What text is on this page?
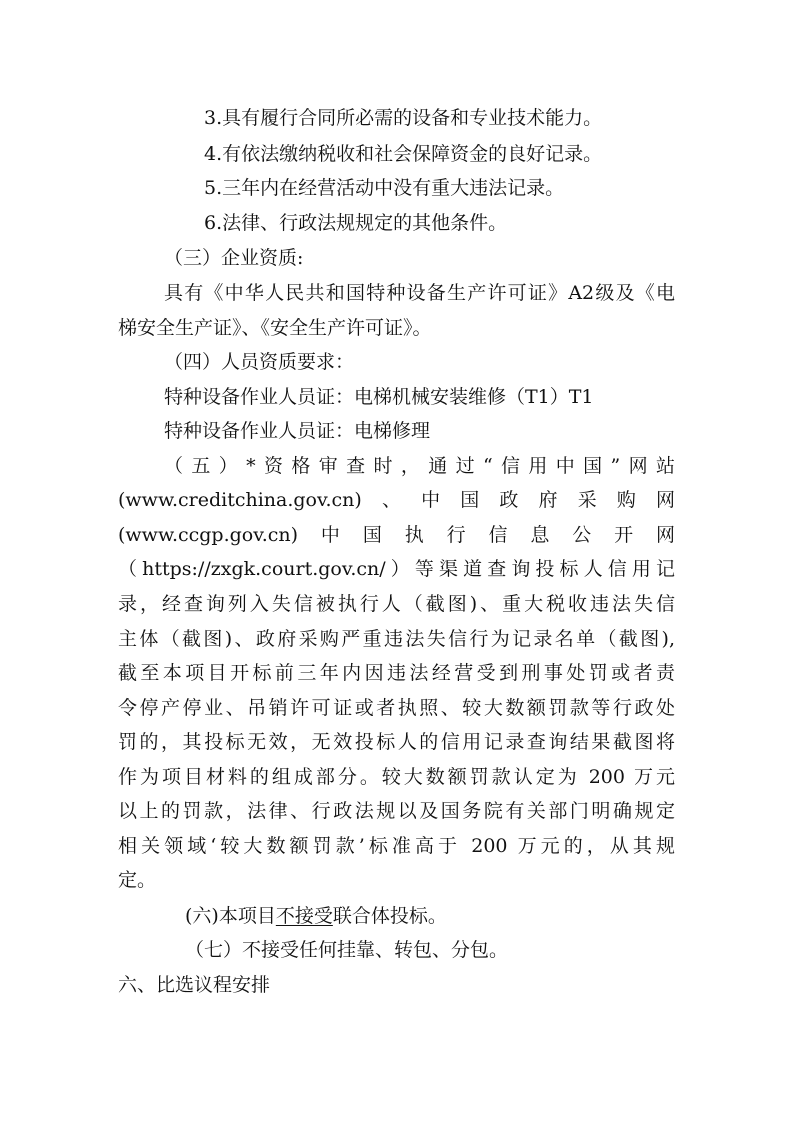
3.具有履行合同所必需的设备和专业技术能力。
4.有依法缴纳税收和社会保障资金的良好记录。
5.三年内在经营活动中没有重大违法记录。
6.法律、行政法规规定的其他条件。
（三）企业资质:
具有《中华人民共和国特种设备生产许可证》A2级及《电
梯安全生产证》、《安全生产许可证》。
（四）人员资质要求：
特种设备作业人员证：电梯机械安装维修（T1）T1
特种设备作业人员证：电梯修理
（五）*资格审查时，通过“信用中国”网站
(www.creditchina.gov.cn)、中国政府采购网
(www.ccgp.gov.cn)中国执行信息公开网
（https://zxgk.court.gov.cn/）等渠道查询投标人信用记
录，经查询列入失信被执行人（截图)、重大税收违法失信
主体（截图)、政府采购严重违法失信行为记录名单（截图),
截至本项目开标前三年内因违法经营受到刑事处罚或者责
令停产停业、吊销许可证或者执照、较大数额罚款等行政处
罚的，其投标无效，无效投标人的信用记录查询结果截图将
作为项目材料的组成部分。较大数额罚款认定为 200 万元
以上的罚款，法律、行政法规以及国务院有关部门明确规定
相关领域‘较大数额罚款’标准高于 200 万元的，从其规
定。
(六)本项目不接受联合体投标。
（七）不接受任何挂靠、转包、分包。
六、比选议程安排
